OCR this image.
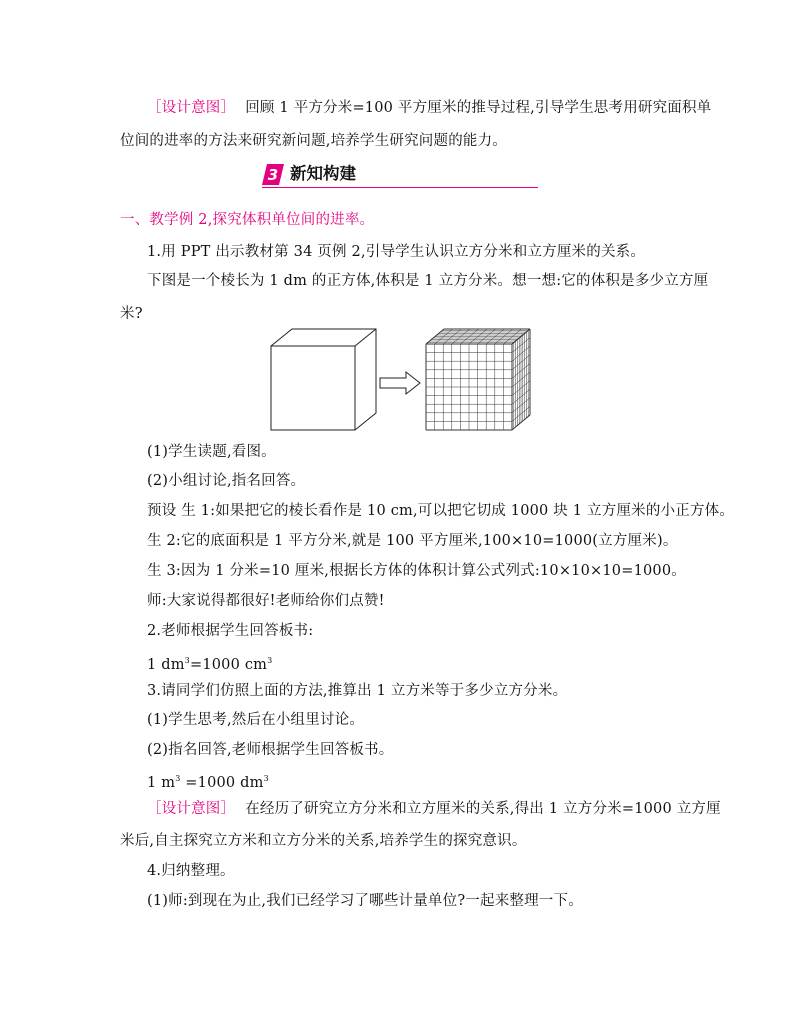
［设计意图］ 回顾 1 平方分米=100 平方厘米的推导过程,引导学生思考用研究面积单
位间的进率的方法来研究新问题,培养学生研究问题的能力。
3 新知构建
一、教学例 2,探究体积单位间的进率。
1.用 PPT 出示教材第 34 页例 2,引导学生认识立方分米和立方厘米的关系。
下图是一个棱长为 1 dm 的正方体,体积是 1 立方分米。想一想:它的体积是多少立方厘
米?
(1)学生读题,看图。
(2)小组讨论,指名回答。
预设 生 1:如果把它的棱长看作是 10 cm,可以把它切成 1000 块 1 立方厘米的小正方体。
生 2:它的底面积是 1 平方分米,就是 100 平方厘米,100×10=1000(立方厘米)。
生 3:因为 1 分米=10 厘米,根据长方体的体积计算公式列式:10×10×10=1000。
师:大家说得都很好!老师给你们点赞!
2.老师根据学生回答板书:
1 $dm^3=1000$ $cm^3$
3.请同学们仿照上面的方法,推算出 1 立方米等于多少立方分米。
(1)学生思考,然后在小组里讨论。
(2)指名回答,老师根据学生回答板书。
1 $m^3 =1000$ $dm^3$
［设计意图］ 在经历了研究立方分米和立方厘米的关系,得出 1 立方分米=1000 立方厘
米后,自主探究立方米和立方分米的关系,培养学生的探究意识。
4.归纳整理。
(1)师:到现在为止,我们已经学习了哪些计量单位?一起来整理一下。
